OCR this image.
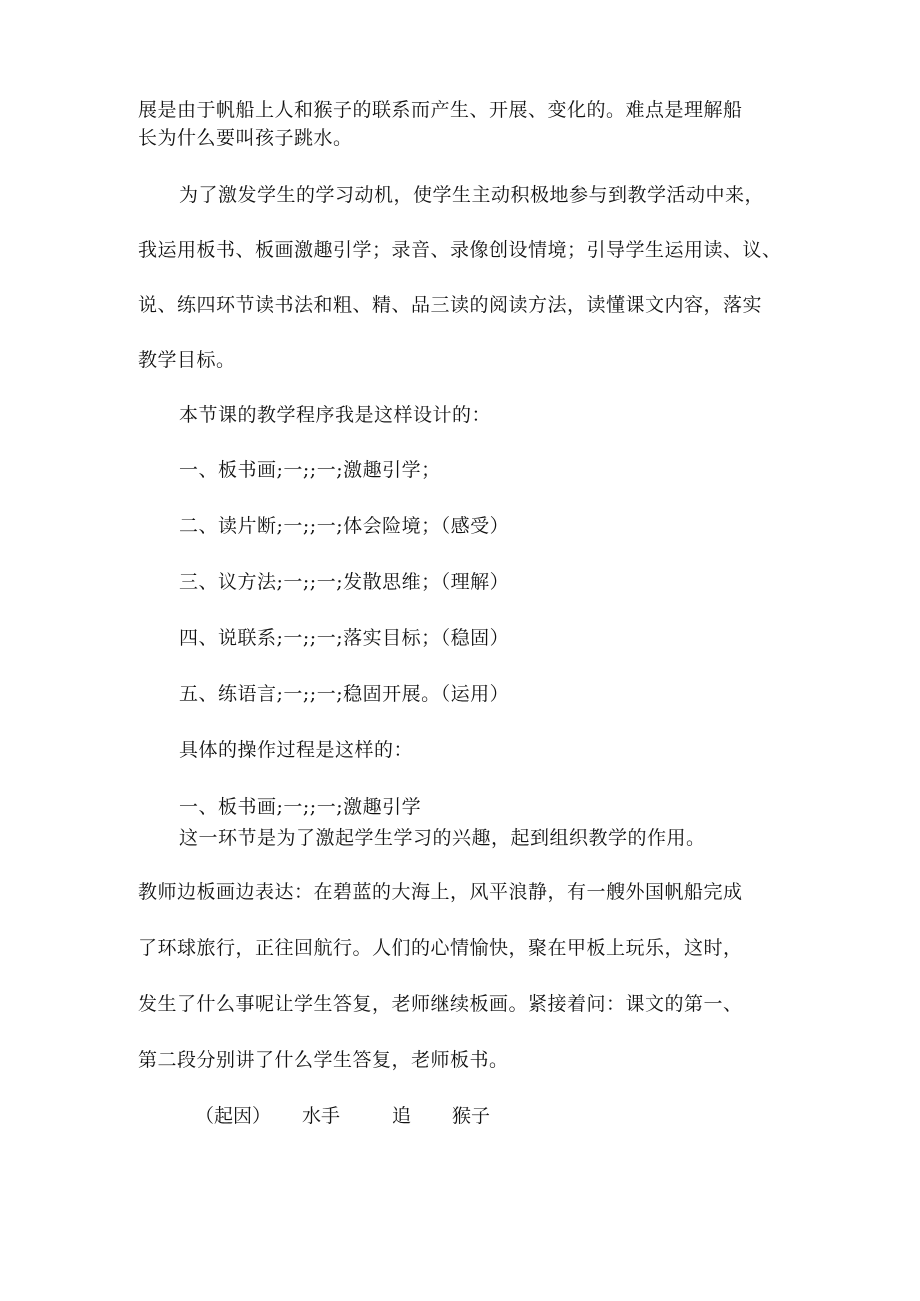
展是由于帆船上人和猴子的联系而产生、开展、变化的。难点是理解船
长为什么要叫孩子跳水。
为了激发学生的学习动机，使学生主动积极地参与到教学活动中来，
我运用板书、板画激趣引学；录音、录像创设情境；引导学生运用读、议、
说、练四环节读书法和粗、精、品三读的阅读方法，读懂课文内容，落实
教学目标。
本节课的教学程序我是这样设计的：
一、板书画;一;;一;激趣引学；
二、读片断;一;;一;体会险境；（感受）
三、议方法;一;;一;发散思维；（理解）
四、说联系;一;;一;落实目标；（稳固）
五、练语言;一;;一;稳固开展。（运用）
具体的操作过程是这样的：
一、板书画;一;;一;激趣引学
这一环节是为了激起学生学习的兴趣，起到组织教学的作用。
教师边板画边表达：在碧蓝的大海上，风平浪静，有一艘外国帆船完成
了环球旅行，正往回航行。人们的心情愉快，聚在甲板上玩乐，这时，
发生了什么事呢让学生答复，老师继续板画。紧接着问：课文的第一、
第二段分别讲了什么学生答复，老师板书。
（起因） 水手	追 猴子
